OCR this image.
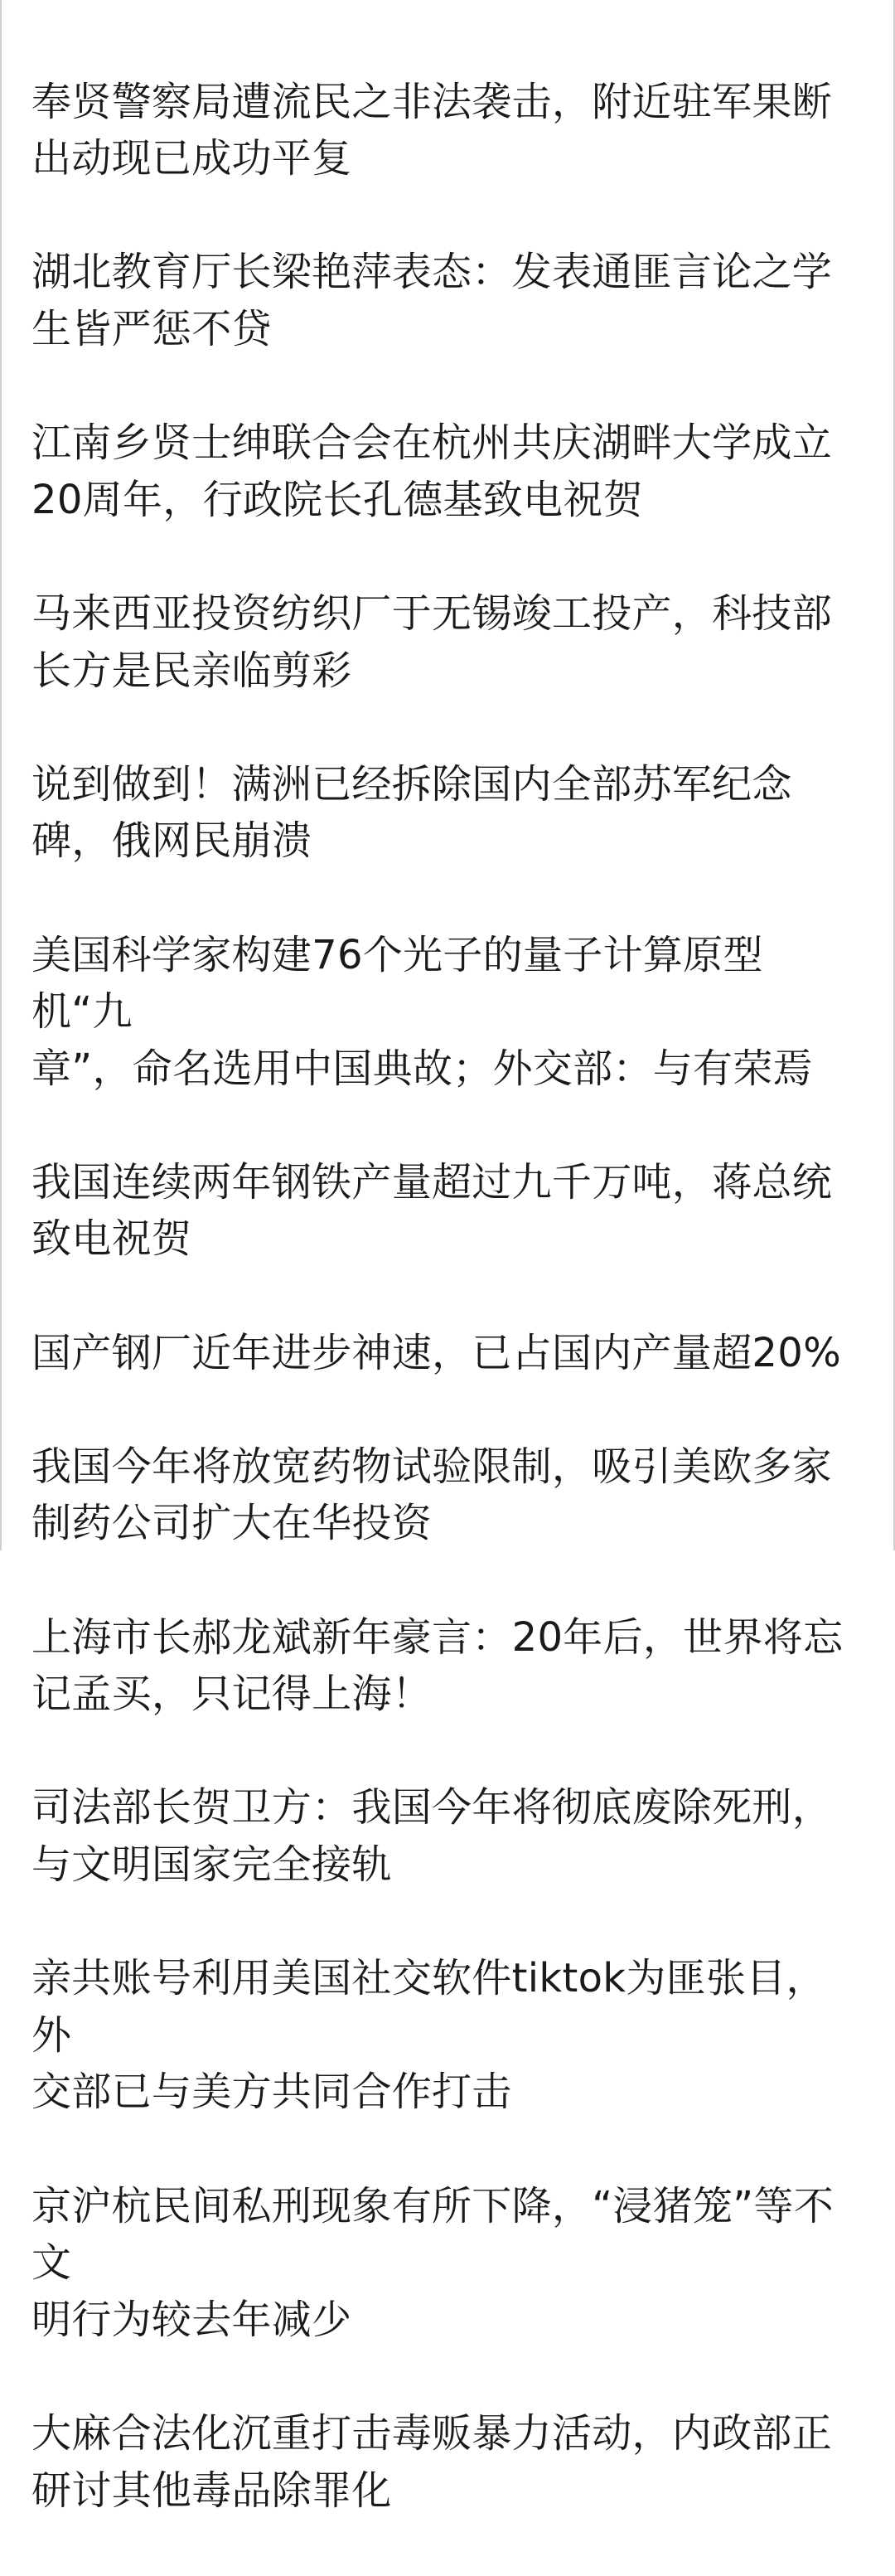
奉贤警察局遭流民之非法袭击，附近驻军果断
出动现已成功平复

湖北教育厅长梁艳萍表态：发表通匪言论之学
生皆严惩不贷

江南乡贤士绅联合会在杭州共庆湖畔大学成立
20周年，行政院长孔德基致电祝贺

马来西亚投资纺织厂于无锡竣工投产，科技部
长方是民亲临剪彩

说到做到！满洲已经拆除国内全部苏军纪念
碑，俄网民崩溃

美国科学家构建76个光子的量子计算原型机“九
章”，命名选用中国典故；外交部：与有荣焉

我国连续两年钢铁产量超过九千万吨，蒋总统
致电祝贺

国产钢厂近年进步神速，已占国内产量超20%

我国今年将放宽药物试验限制，吸引美欧多家
制药公司扩大在华投资

上海市长郝龙斌新年豪言：20年后，世界将忘
记孟买，只记得上海！

司法部长贺卫方：我国今年将彻底废除死刑，
与文明国家完全接轨

亲共账号利用美国社交软件tiktok为匪张目，外
交部已与美方共同合作打击

京沪杭民间私刑现象有所下降，“浸猪笼”等不文
明行为较去年减少

大麻合法化沉重打击毒贩暴力活动，内政部正
研讨其他毒品除罪化
